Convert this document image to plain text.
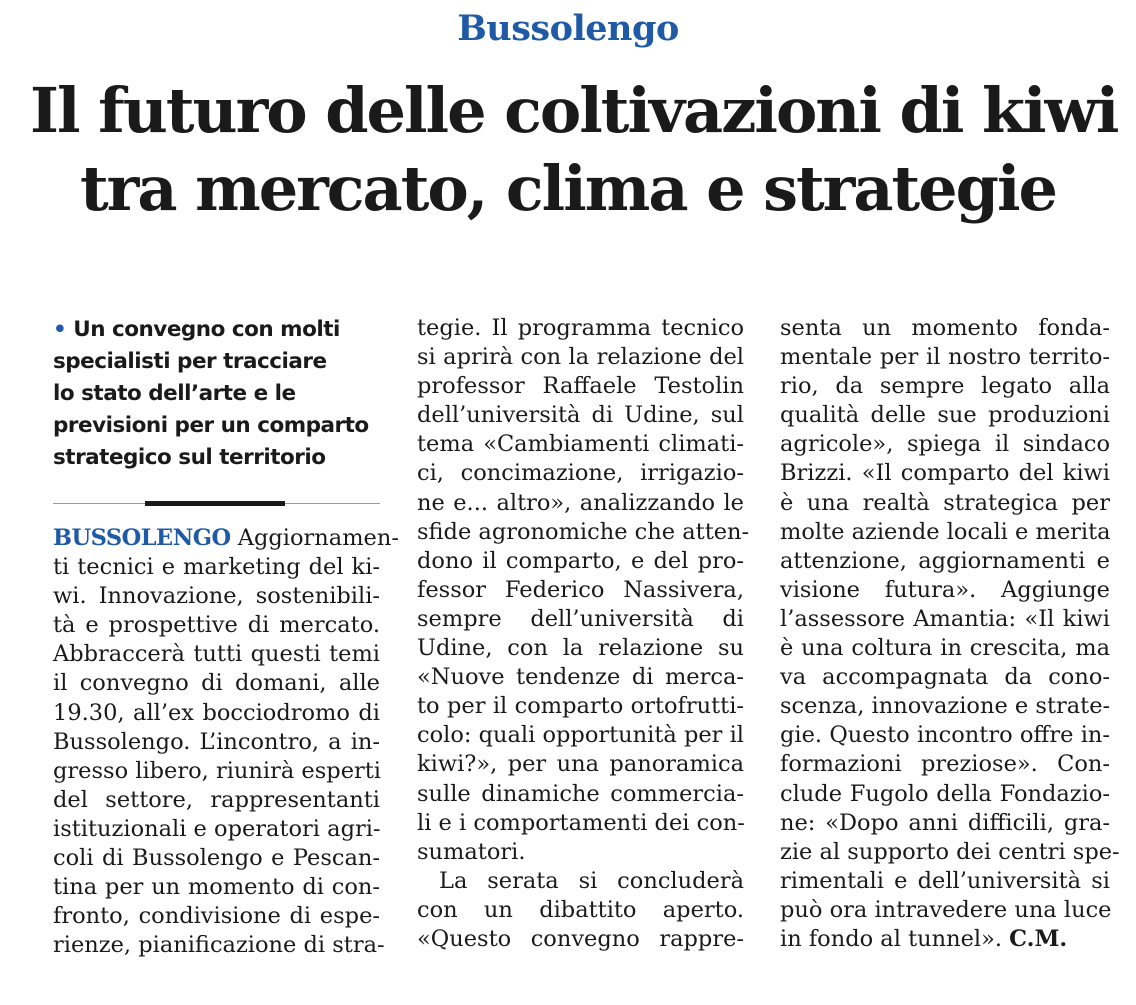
Bussolengo
Il futuro delle coltivazioni di kiwi
tra mercato, clima e strategie
• Un convegno con molti
specialisti per tracciare
lo stato dell’arte e le
previsioni per un comparto
strategico sul territorio
BUSSOLENGO Aggiornamen-
ti tecnici e marketing del ki-
wi. Innovazione, sostenibili-
tà e prospettive di mercato.
Abbraccerà tutti questi temi
il convegno di domani, alle
19.30, all’ex bocciodromo di
Bussolengo. L’incontro, a in-
gresso libero, riunirà esperti
del settore, rappresentanti
istituzionali e operatori agri-
coli di Bussolengo e Pescan-
tina per un momento di con-
fronto, condivisione di espe-
rienze, pianificazione di stra-
tegie. Il programma tecnico
si aprirà con la relazione del
professor Raffaele Testolin
dell’università di Udine, sul
tema «Cambiamenti climati-
ci, concimazione, irrigazio-
ne e... altro», analizzando le
sfide agronomiche che atten-
dono il comparto, e del pro-
fessor Federico Nassivera,
sempre dell’università di
Udine, con la relazione su
«Nuove tendenze di merca-
to per il comparto ortofrutti-
colo: quali opportunità per il
kiwi?», per una panoramica
sulle dinamiche commercia-
li e i comportamenti dei con-
sumatori.
La serata si concluderà
con un dibattito aperto.
«Questo convegno rappre-
senta un momento fonda-
mentale per il nostro territo-
rio, da sempre legato alla
qualità delle sue produzioni
agricole», spiega il sindaco
Brizzi. «Il comparto del kiwi
è una realtà strategica per
molte aziende locali e merita
attenzione, aggiornamenti e
visione futura». Aggiunge
l’assessore Amantia: «Il kiwi
è una coltura in crescita, ma
va accompagnata da cono-
scenza, innovazione e strate-
gie. Questo incontro offre in-
formazioni preziose». Con-
clude Fugolo della Fondazio-
ne: «Dopo anni difficili, gra-
zie al supporto dei centri spe-
rimentali e dell’università si
può ora intravedere una luce
in fondo al tunnel». C.M.
